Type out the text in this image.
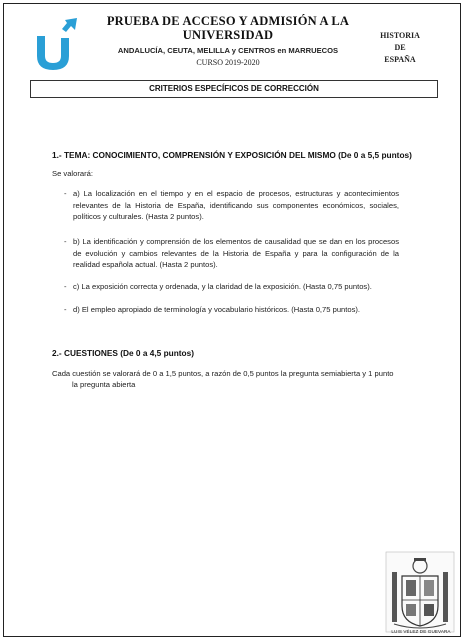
PRUEBA DE ACCESO Y ADMISIÓN A LA
UNIVERSIDAD
ANDALUCÍA, CEUTA, MELILLA y CENTROS en MARRUECOS
CURSO 2019-2020
HISTORIA
DE
ESPAÑA
CRITERIOS ESPECÍFICOS DE CORRECCIÓN
1.- TEMA: CONOCIMIENTO, COMPRENSIÓN Y EXPOSICIÓN DEL MISMO (De 0 a 5,5 puntos)
Se valorará:
- a) La localización en el tiempo y en el espacio de procesos, estructuras y acontecimientos relevantes de la Historia de España, identificando sus componentes económicos, sociales, políticos y culturales. (Hasta 2 puntos).
- b) La identificación y comprensión de los elementos de causalidad que se dan en los procesos de evolución y cambios relevantes de la Historia de España y para la configuración de la realidad española actual. (Hasta 2 puntos).
- c) La exposición correcta y ordenada, y la claridad de la exposición. (Hasta 0,75 puntos).
- d) El empleo apropiado de terminología y vocabulario históricos. (Hasta 0,75 puntos).
2.- CUESTIONES (De 0 a 4,5 puntos)
Cada cuestión se valorará de 0 a 1,5 puntos, a razón de 0,5 puntos la pregunta semiabierta y 1 punto
la pregunta abierta
LUIS VÉLEZ DE GUEVARA
